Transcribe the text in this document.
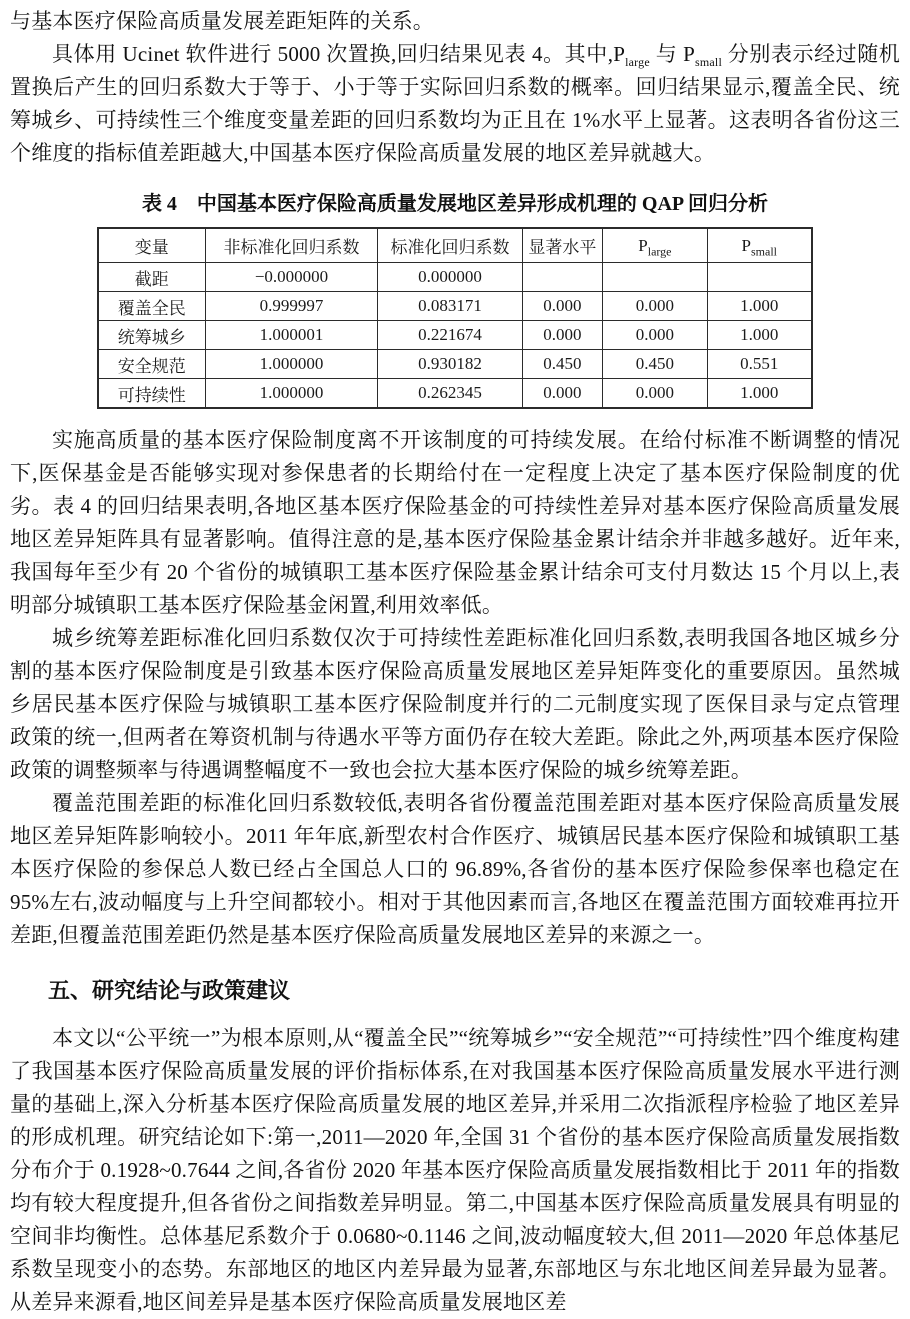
与基本医疗保险高质量发展差距矩阵的关系。

具体用 Ucinet 软件进行 5000 次置换,回归结果见表 4。其中$,P_{large}$ 与 $P_{small}$ 分别表示经过随机置换后产生的回归系数大于等于、小于等于实际回归系数的概率。回归结果显示,覆盖全民、统筹城乡、可持续性三个维度变量差距的回归系数均为正且在 1%水平上显著。这表明各省份这三个维度的指标值差距越大,中国基本医疗保险高质量发展的地区差异就越大。

表 4　中国基本医疗保险高质量发展地区差异形成机理的 QAP 回归分析
变量	非标准化回归系数	标准化回归系数	显著水平	$P_{large}$	$P_{small}$
截距	−0.000000	0.000000			
覆盖全民	0.999997	0.083171	0.000	0.000	1.000
统筹城乡	1.000001	0.221674	0.000	0.000	1.000
安全规范	1.000000	0.930182	0.450	0.450	0.551
可持续性	1.000000	0.262345	0.000	0.000	1.000

实施高质量的基本医疗保险制度离不开该制度的可持续发展。在给付标准不断调整的情况下,医保基金是否能够实现对参保患者的长期给付在一定程度上决定了基本医疗保险制度的优劣。表 4 的回归结果表明,各地区基本医疗保险基金的可持续性差异对基本医疗保险高质量发展地区差异矩阵具有显著影响。值得注意的是,基本医疗保险基金累计结余并非越多越好。近年来,我国每年至少有 20 个省份的城镇职工基本医疗保险基金累计结余可支付月数达 15 个月以上,表明部分城镇职工基本医疗保险基金闲置,利用效率低。

城乡统筹差距标准化回归系数仅次于可持续性差距标准化回归系数,表明我国各地区城乡分割的基本医疗保险制度是引致基本医疗保险高质量发展地区差异矩阵变化的重要原因。虽然城乡居民基本医疗保险与城镇职工基本医疗保险制度并行的二元制度实现了医保目录与定点管理政策的统一,但两者在筹资机制与待遇水平等方面仍存在较大差距。除此之外,两项基本医疗保险政策的调整频率与待遇调整幅度不一致也会拉大基本医疗保险的城乡统筹差距。

覆盖范围差距的标准化回归系数较低,表明各省份覆盖范围差距对基本医疗保险高质量发展地区差异矩阵影响较小。2011 年年底,新型农村合作医疗、城镇居民基本医疗保险和城镇职工基本医疗保险的参保总人数已经占全国总人口的 96.89%,各省份的基本医疗保险参保率也稳定在 95%左右,波动幅度与上升空间都较小。相对于其他因素而言,各地区在覆盖范围方面较难再拉开差距,但覆盖范围差距仍然是基本医疗保险高质量发展地区差异的来源之一。

五、研究结论与政策建议

本文以“公平统一”为根本原则,从“覆盖全民”“统筹城乡”“安全规范”“可持续性”四个维度构建了我国基本医疗保险高质量发展的评价指标体系,在对我国基本医疗保险高质量发展水平进行测量的基础上,深入分析基本医疗保险高质量发展的地区差异,并采用二次指派程序检验了地区差异的形成机理。研究结论如下:第一,2011—2020 年,全国 31 个省份的基本医疗保险高质量发展指数分布介于 0.1928~0.7644 之间,各省份 2020 年基本医疗保险高质量发展指数相比于 2011 年的指数均有较大程度提升,但各省份之间指数差异明显。第二,中国基本医疗保险高质量发展具有明显的空间非均衡性。总体基尼系数介于 0.0680~0.1146 之间,波动幅度较大,但 2011—2020 年总体基尼系数呈现变小的态势。东部地区的地区内差异最为显著,东部地区与东北地区间差异最为显著。从差异来源看,地区间差异是基本医疗保险高质量发展地区差
